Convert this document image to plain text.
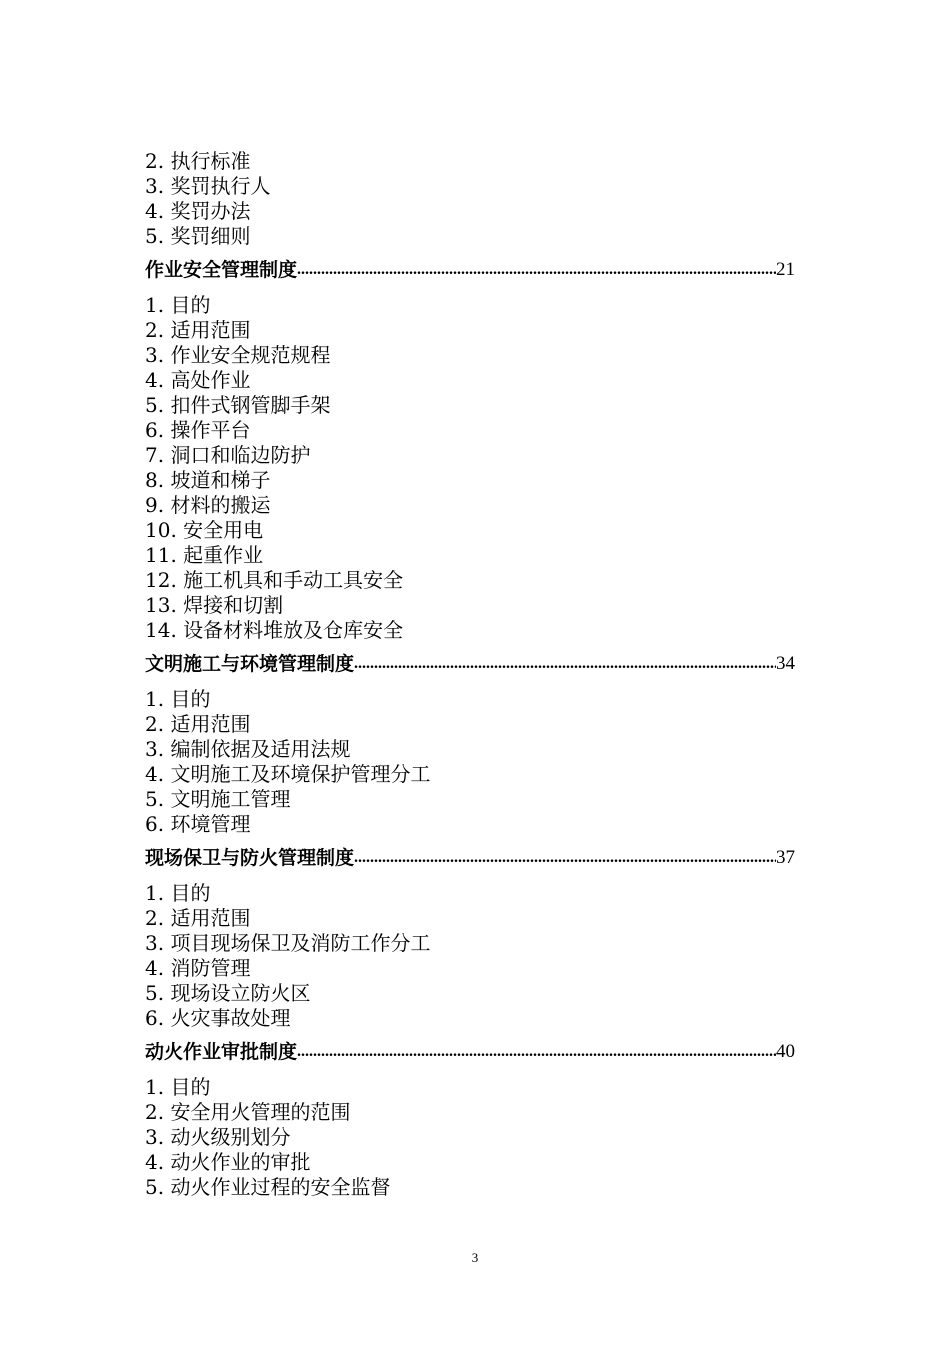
2. 执行标准
3. 奖罚执行人
4. 奖罚办法
5. 奖罚细则
作业安全管理制度 .....	21
1. 目的
2. 适用范围
3. 作业安全规范规程
4. 高处作业
5. 扣件式钢管脚手架
6. 操作平台
7. 洞口和临边防护
8. 坡道和梯子
9. 材料的搬运
10. 安全用电
11. 起重作业
12. 施工机具和手动工具安全
13. 焊接和切割
14. 设备材料堆放及仓库安全
文明施工与环境管理制度 .....	34
1. 目的
2. 适用范围
3. 编制依据及适用法规
4. 文明施工及环境保护管理分工
5. 文明施工管理
6. 环境管理
现场保卫与防火管理制度 .....	37
1. 目的
2. 适用范围
3. 项目现场保卫及消防工作分工
4. 消防管理
5. 现场设立防火区
6. 火灾事故处理
动火作业审批制度 .....	40
1. 目的
2. 安全用火管理的范围
3. 动火级别划分
4. 动火作业的审批
5. 动火作业过程的安全监督
3
